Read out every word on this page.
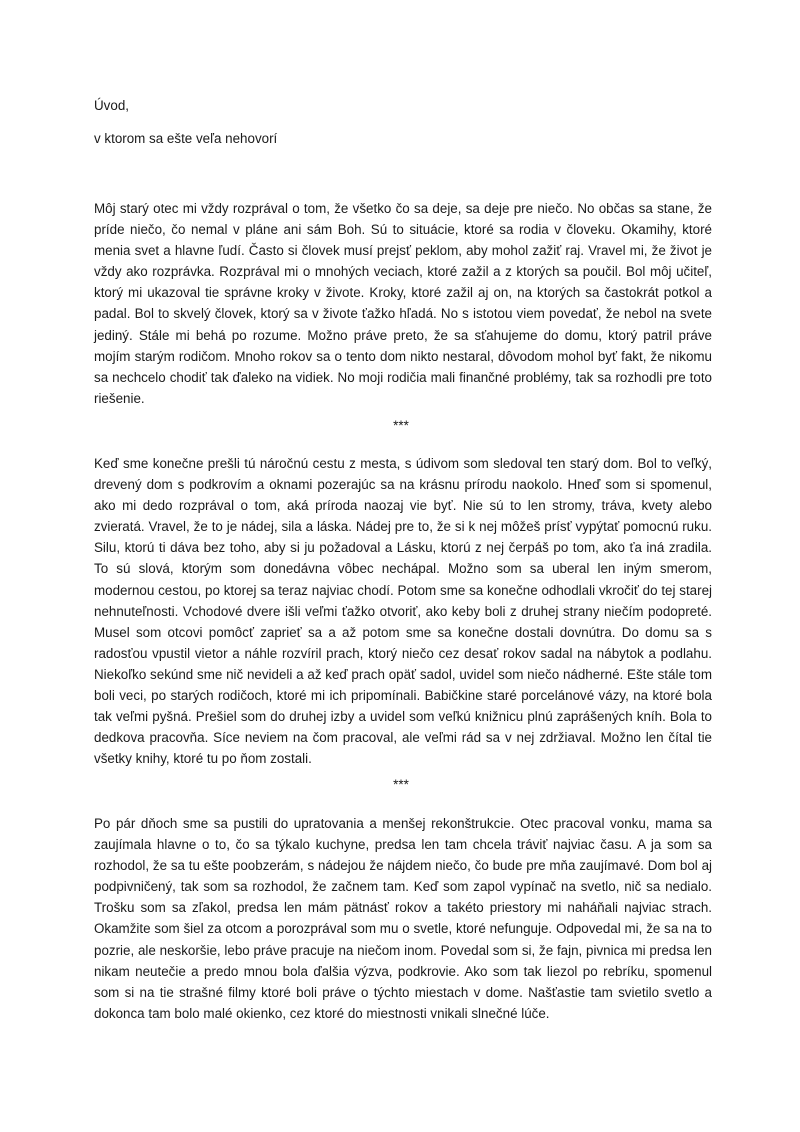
Úvod,

v ktorom sa ešte veľa nehovorí

Môj starý otec mi vždy rozprával o tom, že všetko čo sa deje, sa deje pre niečo. No občas sa stane, že príde niečo, čo nemal v pláne ani sám Boh. Sú to situácie, ktoré sa rodia v človeku. Okamihy, ktoré menia svet a hlavne ľudí. Často si človek musí prejsť peklom, aby mohol zažiť raj. Vravel mi, že život je vždy ako rozprávka. Rozprával mi o mnohých veciach, ktoré zažil a z ktorých sa poučil. Bol môj učiteľ, ktorý mi ukazoval tie správne kroky v živote. Kroky, ktoré zažil aj on, na ktorých sa častokrát potkol a padal. Bol to skvelý človek, ktorý sa v živote ťažko hľadá. No s istotou viem povedať, že nebol na svete jediný. Stále mi behá po rozume. Možno práve preto, že sa sťahujeme do domu, ktorý patril práve mojím starým rodičom. Mnoho rokov sa o tento dom nikto nestaral, dôvodom mohol byť fakt, že nikomu sa nechcelo chodiť tak ďaleko na vidiek. No moji rodičia mali finančné problémy, tak sa rozhodli pre toto riešenie.

***

Keď sme konečne prešli tú náročnú cestu z mesta, s údivom som sledoval ten starý dom. Bol to veľký, drevený dom s podkrovím a oknami pozerajúc sa na krásnu prírodu naokolo. Hneď som si spomenul, ako mi dedo rozprával o tom, aká príroda naozaj vie byť. Nie sú to len stromy, tráva, kvety alebo zvieratá. Vravel, že to je nádej, sila a láska. Nádej pre to, že si k nej môžeš prísť vypýtať pomocnú ruku. Silu, ktorú ti dáva bez toho, aby si ju požadoval a Lásku, ktorú z nej čerpáš po tom, ako ťa iná zradila. To sú slová, ktorým som donedávna vôbec nechápal. Možno som sa uberal len iným smerom, modernou cestou, po ktorej sa teraz najviac chodí. Potom sme sa konečne odhodlali vkročiť do tej starej nehnuteľnosti. Vchodové dvere išli veľmi ťažko otvoriť, ako keby boli z druhej strany niečím podopreté. Musel som otcovi pomôcť zaprieť sa a až potom sme sa konečne dostali dovnútra. Do domu sa s radosťou vpustil vietor a náhle rozvíril prach, ktorý niečo cez desať rokov sadal na nábytok a podlahu. Niekoľko sekúnd sme nič nevideli a až keď prach opäť sadol, uvidel som niečo nádherné. Ešte stále tom boli veci, po starých rodičoch, ktoré mi ich pripomínali. Babičkine staré porcelánové vázy, na ktoré bola tak veľmi pyšná. Prešiel som do druhej izby a uvidel som veľkú knižnicu plnú zaprášených kníh. Bola to dedkova pracovňa. Síce neviem na čom pracoval, ale veľmi rád sa v nej zdržiaval. Možno len čítal tie všetky knihy, ktoré tu po ňom zostali.

***

Po pár dňoch sme sa pustili do upratovania a menšej rekonštrukcie. Otec pracoval vonku, mama sa zaujímala hlavne o to, čo sa týkalo kuchyne, predsa len tam chcela tráviť najviac času. A ja som sa rozhodol, že sa tu ešte poobzerám, s nádejou že nájdem niečo, čo bude pre mňa zaujímavé. Dom bol aj podpivničený, tak som sa rozhodol, že začnem tam. Keď som zapol vypínač na svetlo, nič sa nedialo. Trošku som sa zľakol, predsa len mám pätnásť rokov a takéto priestory mi naháňali najviac strach. Okamžite som šiel za otcom a porozprával som mu o svetle, ktoré nefunguje. Odpovedal mi, že sa na to pozrie, ale neskoršie, lebo práve pracuje na niečom inom. Povedal som si, že fajn, pivnica mi predsa len nikam neutečie a predo mnou bola ďalšia výzva, podkrovie. Ako som tak liezol po rebríku, spomenul som si na tie strašné filmy ktoré boli práve o týchto miestach v dome. Našťastie tam svietilo svetlo a dokonca tam bolo malé okienko, cez ktoré do miestnosti vnikali slnečné lúče.
